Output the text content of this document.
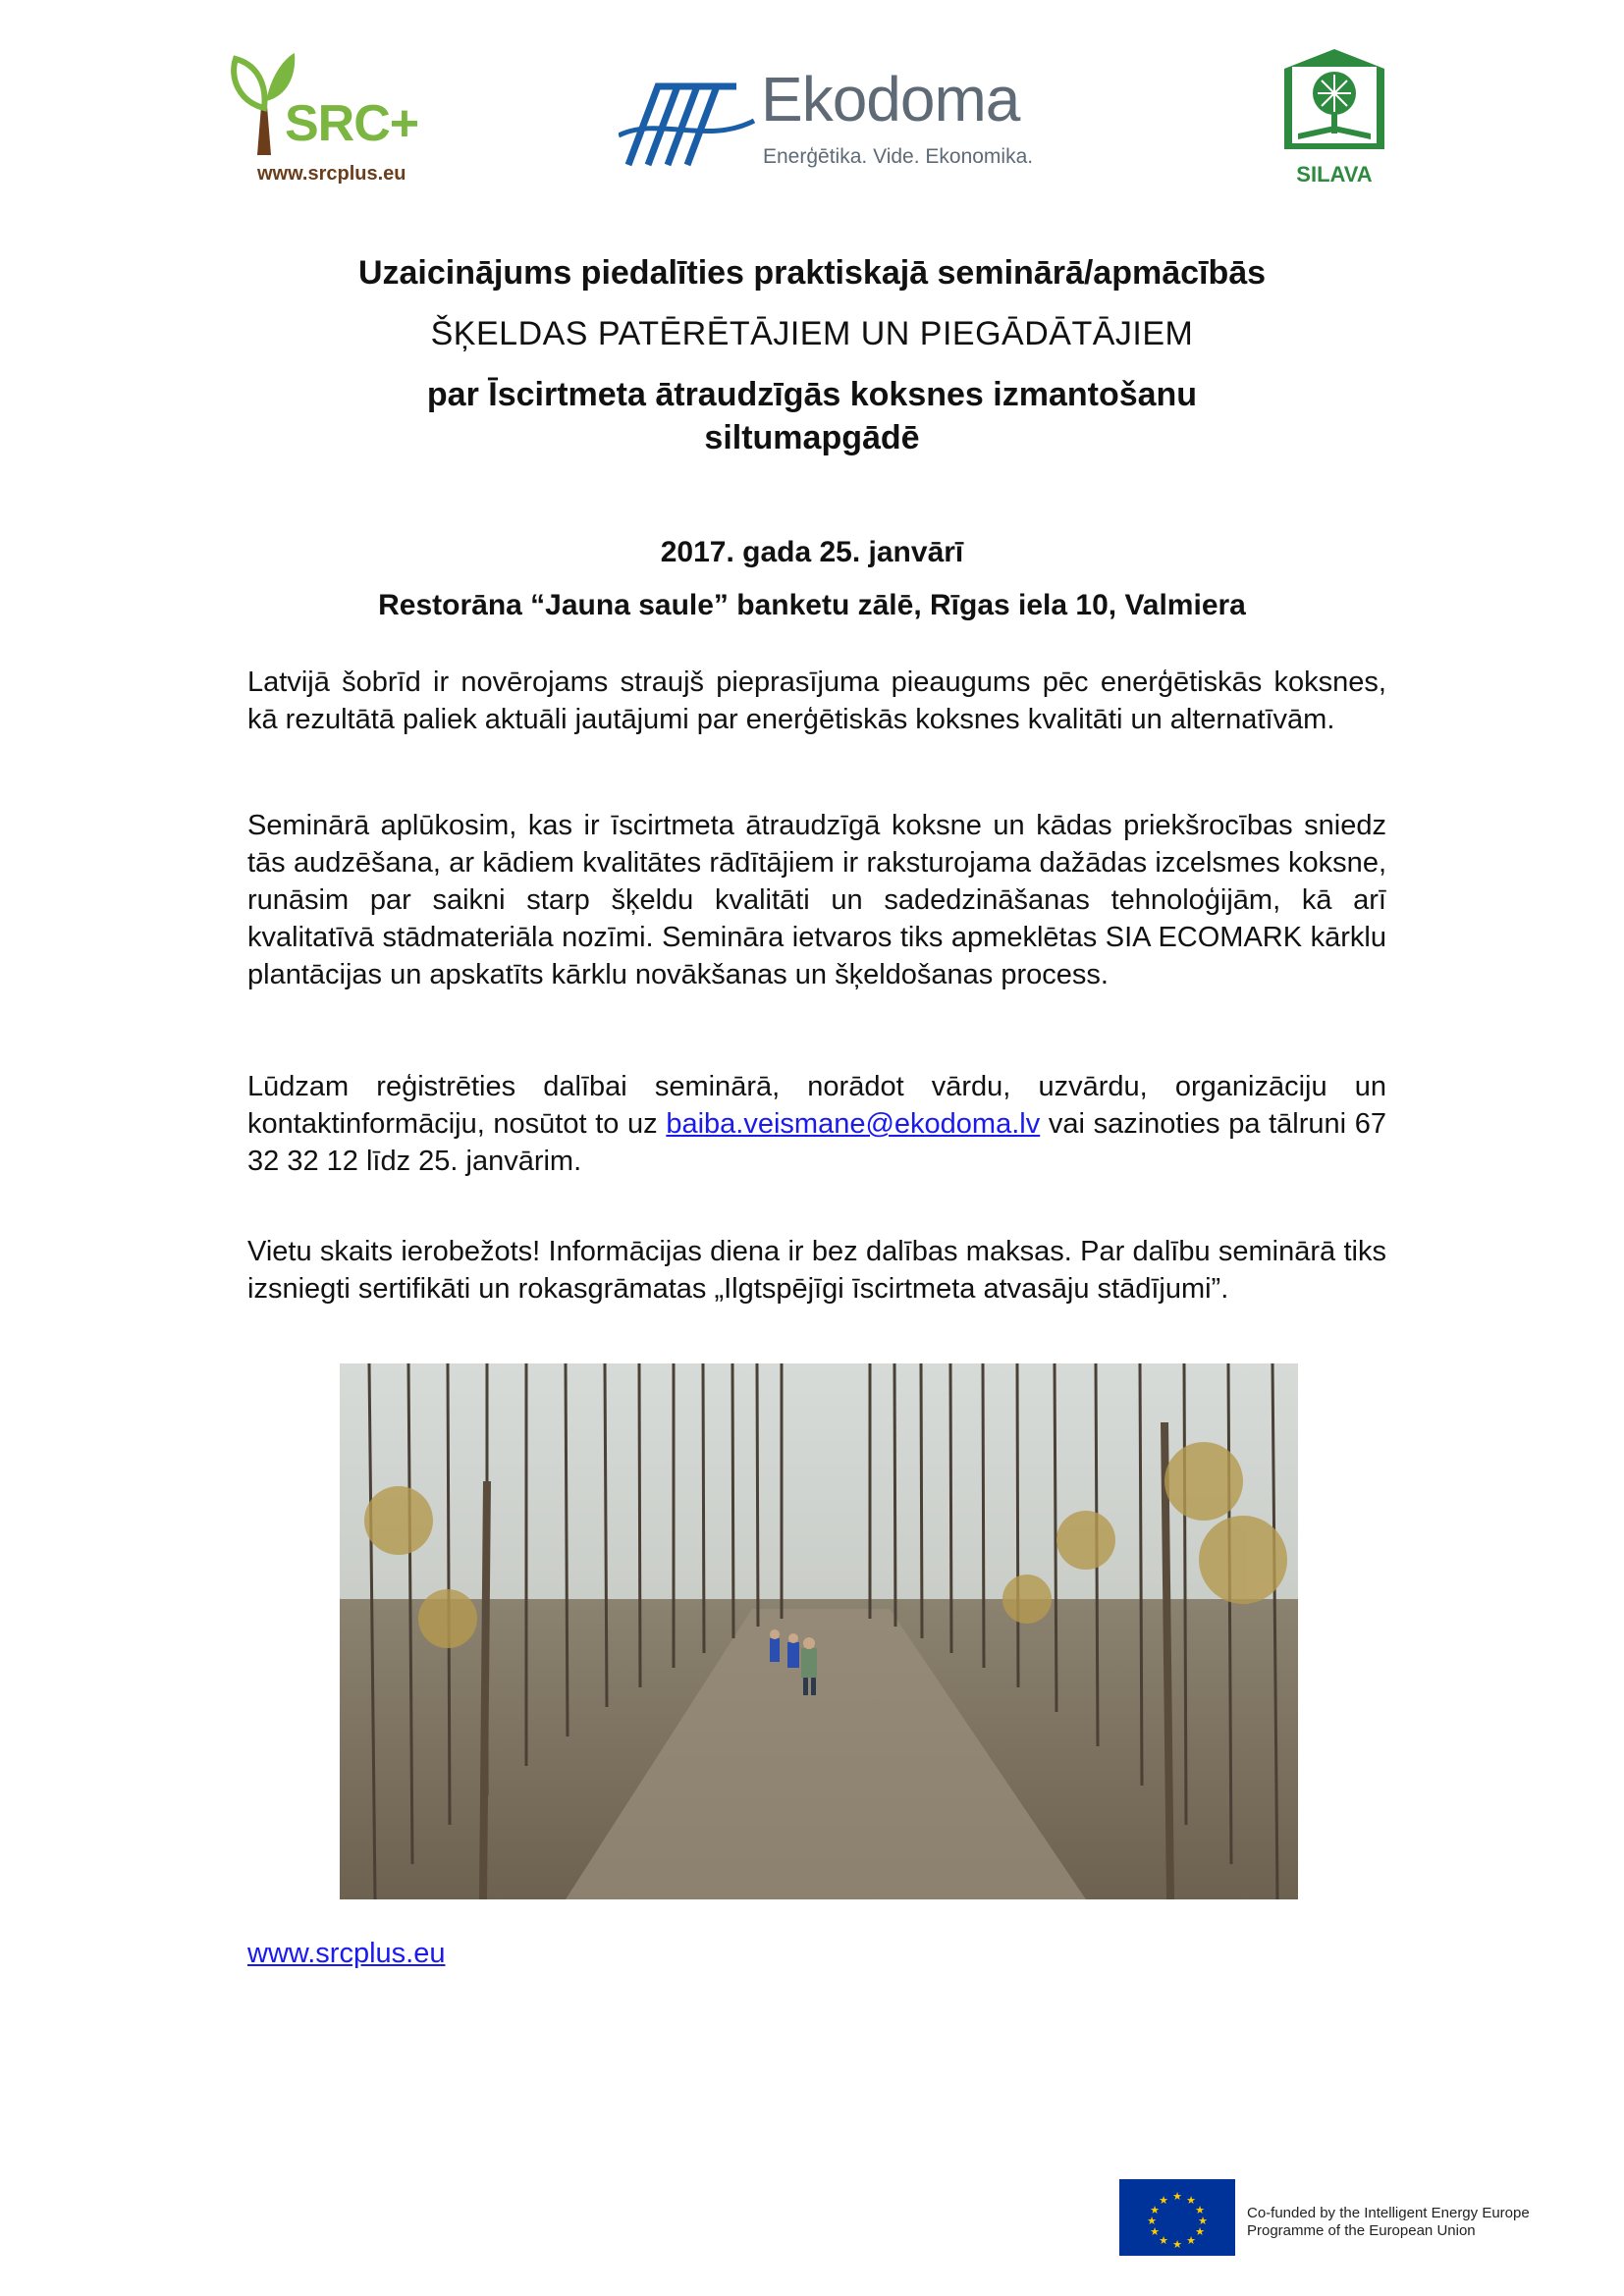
SRC+
www.srcplus.eu
Ekodoma
Enerģētika. Vide. Ekonomika.
SILAVA
Uzaicinājums piedalīties praktiskajā seminārā/apmācībās
ŠĶELDAS PATĒRĒTĀJIEM UN PIEGĀDĀTĀJIEM
par Īscirtmeta ātraudzīgās koksnes izmantošanu
siltumapgādē
2017. gada 25. janvārī
Restorāna “Jauna saule” banketu zālē, Rīgas iela 10, Valmiera

Latvijā šobrīd ir novērojams straujš pieprasījuma pieaugums pēc enerģētiskās koksnes, kā rezultātā paliek aktuāli jautājumi par enerģētiskās koksnes kvalitāti un alternatīvām.

Seminārā aplūkosim, kas ir īscirtmeta ātraudzīgā koksne un kādas priekšrocības sniedz tās audzēšana, ar kādiem kvalitātes rādītājiem ir raksturojama dažādas izcelsmes koksne, runāsim par saikni starp šķeldu kvalitāti un sadedzināšanas tehnoloģijām, kā arī kvalitatīvā stādmateriāla nozīmi. Semināra ietvaros tiks apmeklētas SIA ECOMARK kārklu plantācijas un apskatīts kārklu novākšanas un šķeldošanas process.

Lūdzam reģistrēties dalībai seminārā, norādot vārdu, uzvārdu, organizāciju un kontaktinformāciju, nosūtot to uz baiba.veismane@ekodoma.lv vai sazinoties pa tālruni 67 32 32 12 līdz 25. janvārim.

Vietu skaits ierobežots! Informācijas diena ir bez dalības maksas. Par dalību seminārā tiks izsniegti sertifikāti un rokasgrāmatas „Ilgtspējīgi īscirtmeta atvasāju stādījumi”.

www.srcplus.eu
★ ★
★
★
★
★
★
★
★
★
★
★
Co-funded by the Intelligent Energy Europe
Programme of the European Union
